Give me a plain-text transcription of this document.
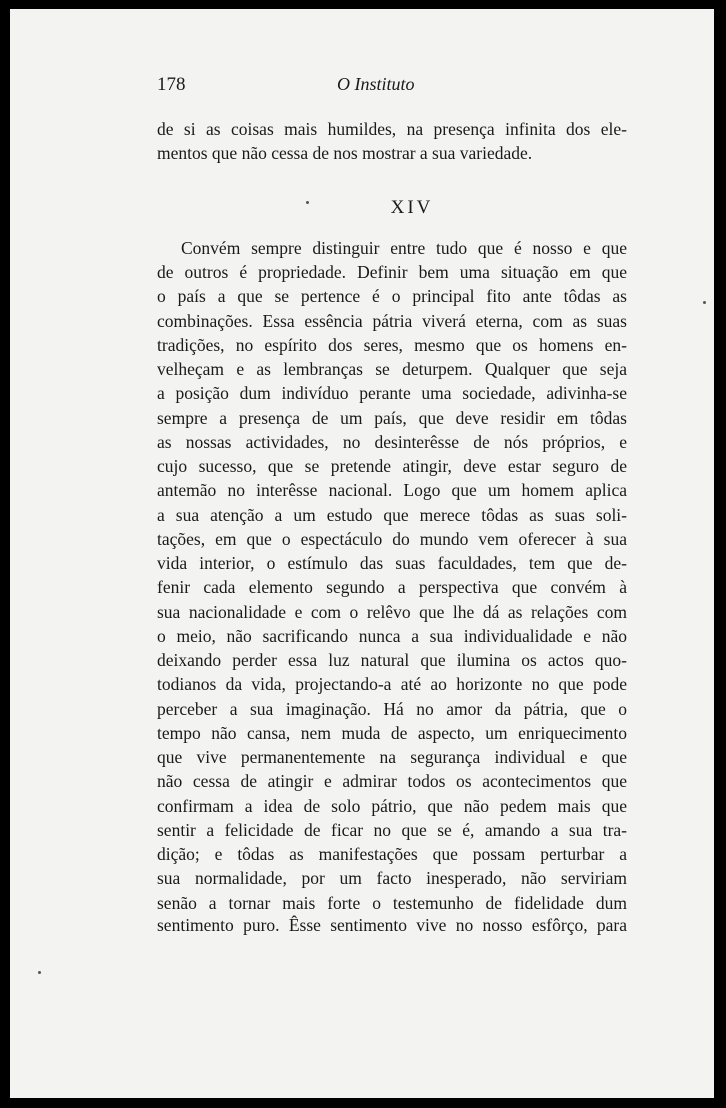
178	O Instituto
de si as coisas mais humildes, na presença infinita dos ele-
mentos que não cessa de nos mostrar a sua variedade.
XIV
Convém sempre distinguir entre tudo que é nosso e que
de outros é propriedade. Definir bem uma situação em que
o país a que se pertence é o principal fito ante tôdas as
combinações. Essa essência pátria viverá eterna, com as suas
tradições, no espírito dos seres, mesmo que os homens en-
velheçam e as lembranças se deturpem. Qualquer que seja
a posição dum indivíduo perante uma sociedade, adivinha-se
sempre a presença de um país, que deve residir em tôdas
as nossas actividades, no desinterêsse de nós próprios, e
cujo sucesso, que se pretende atingir, deve estar seguro de
antemão no interêsse nacional. Logo que um homem aplica
a sua atenção a um estudo que merece tôdas as suas soli-
tações, em que o espectáculo do mundo vem oferecer à sua
vida interior, o estímulo das suas faculdades, tem que de-
fenir cada elemento segundo a perspectiva que convém à
sua nacionalidade e com o relêvo que lhe dá as relações com
o meio, não sacrificando nunca a sua individualidade e não
deixando perder essa luz natural que ilumina os actos quo-
todianos da vida, projectando-a até ao horizonte no que pode
perceber a sua imaginação. Há no amor da pátria, que o
tempo não cansa, nem muda de aspecto, um enriquecimento
que vive permanentemente na segurança individual e que
não cessa de atingir e admirar todos os acontecimentos que
confirmam a idea de solo pátrio, que não pedem mais que
sentir a felicidade de ficar no que se é, amando a sua tra-
dição; e tôdas as manifestações que possam perturbar a
sua normalidade, por um facto inesperado, não serviriam
senão a tornar mais forte o testemunho de fidelidade dum
sentimento puro. Êsse sentimento vive no nosso esfôrço, para
